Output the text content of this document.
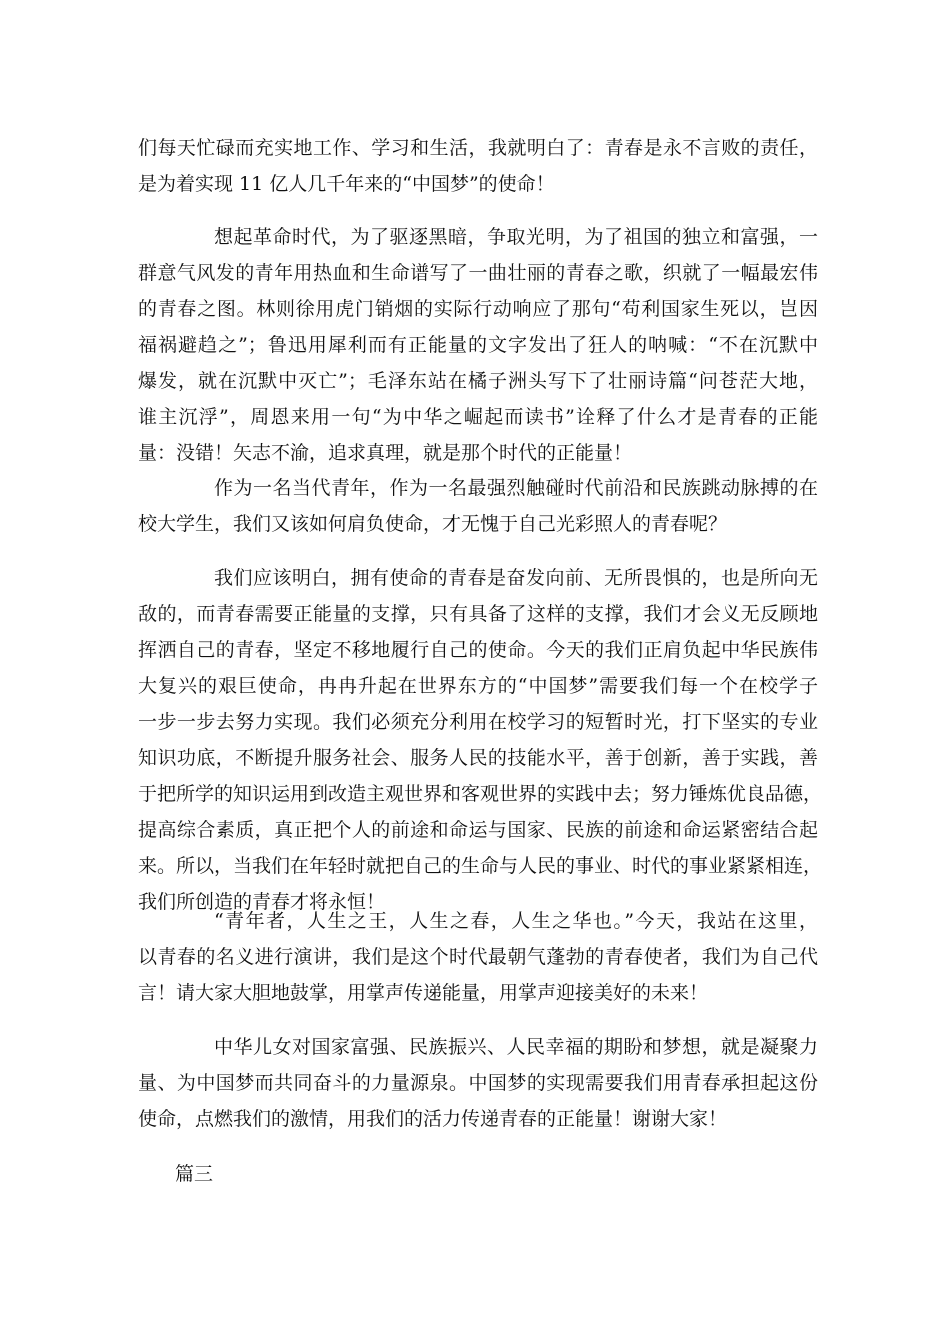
们每天忙碌而充实地工作、学习和生活，我就明白了：青春是永不言败的责任，
是为着实现 11 亿人几千年来的“中国梦”的使命！
想起革命时代，为了驱逐黑暗，争取光明，为了祖国的独立和富强，一
群意气风发的青年用热血和生命谱写了一曲壮丽的青春之歌，织就了一幅最宏伟
的青春之图。林则徐用虎门销烟的实际行动响应了那句“苟利国家生死以，岂因
福祸避趋之”；鲁迅用犀利而有正能量的文字发出了狂人的呐喊：“不在沉默中
爆发，就在沉默中灭亡”；毛泽东站在橘子洲头写下了壮丽诗篇“问苍茫大地，
谁主沉浮”，周恩来用一句“为中华之崛起而读书”诠释了什么才是青春的正能
量：没错！矢志不渝，追求真理，就是那个时代的正能量！
作为一名当代青年，作为一名最强烈触碰时代前沿和民族跳动脉搏的在
校大学生，我们又该如何肩负使命，才无愧于自己光彩照人的青春呢？
我们应该明白，拥有使命的青春是奋发向前、无所畏惧的，也是所向无
敌的，而青春需要正能量的支撑，只有具备了这样的支撑，我们才会义无反顾地
挥洒自己的青春，坚定不移地履行自己的使命。今天的我们正肩负起中华民族伟
大复兴的艰巨使命，冉冉升起在世界东方的“中国梦”需要我们每一个在校学子
一步一步去努力实现。我们必须充分利用在校学习的短暂时光，打下坚实的专业
知识功底，不断提升服务社会、服务人民的技能水平，善于创新，善于实践，善
于把所学的知识运用到改造主观世界和客观世界的实践中去；努力锤炼优良品德，
提高综合素质，真正把个人的前途和命运与国家、民族的前途和命运紧密结合起
来。所以，当我们在年轻时就把自己的生命与人民的事业、时代的事业紧紧相连，
我们所创造的青春才将永恒！
“青年者，人生之王，人生之春，人生之华也。”今天，我站在这里，
以青春的名义进行演讲，我们是这个时代最朝气蓬勃的青春使者，我们为自己代
言！请大家大胆地鼓掌，用掌声传递能量，用掌声迎接美好的未来！
中华儿女对国家富强、民族振兴、人民幸福的期盼和梦想，就是凝聚力
量、为中国梦而共同奋斗的力量源泉。中国梦的实现需要我们用青春承担起这份
使命，点燃我们的激情，用我们的活力传递青春的正能量！谢谢大家！

篇三
